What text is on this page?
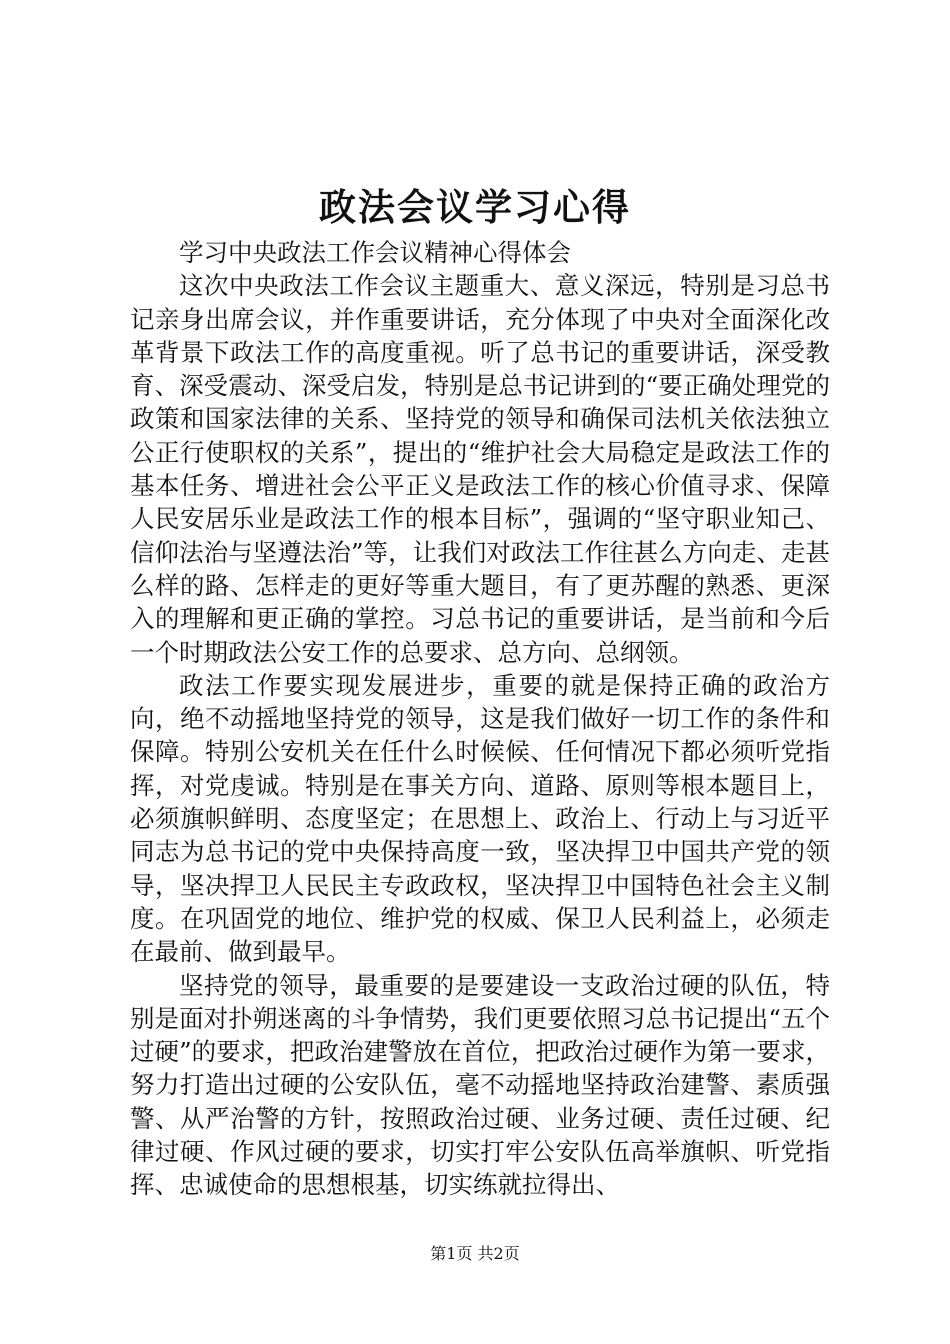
政法会议学习心得

学习中央政法工作会议精神心得体会

这次中央政法工作会议主题重大、意义深远，特别是习总书记亲身出席会议，并作重要讲话，充分体现了中央对全面深化改革背景下政法工作的高度重视。听了总书记的重要讲话，深受教育、深受震动、深受启发，特别是总书记讲到的“要正确处理党的政策和国家法律的关系、坚持党的领导和确保司法机关依法独立公正行使职权的关系”，提出的“维护社会大局稳定是政法工作的基本任务、增进社会公平正义是政法工作的核心价值寻求、保障人民安居乐业是政法工作的根本目标”，强调的“坚守职业知己、信仰法治与坚遵法治”等，让我们对政法工作往甚么方向走、走甚么样的路、怎样走的更好等重大题目，有了更苏醒的熟悉、更深入的理解和更正确的掌控。习总书记的重要讲话，是当前和今后一个时期政法公安工作的总要求、总方向、总纲领。

政法工作要实现发展进步，重要的就是保持正确的政治方向，绝不动摇地坚持党的领导，这是我们做好一切工作的条件和保障。特别公安机关在任什么时候候、任何情况下都必须听党指挥，对党虔诚。特别是在事关方向、道路、原则等根本题目上，必须旗帜鲜明、态度坚定；在思想上、政治上、行动上与习近平同志为总书记的党中央保持高度一致，坚决捍卫中国共产党的领导，坚决捍卫人民民主专政政权，坚决捍卫中国特色社会主义制度。在巩固党的地位、维护党的权威、保卫人民利益上，必须走在最前、做到最早。

坚持党的领导，最重要的是要建设一支政治过硬的队伍，特别是面对扑朔迷离的斗争情势，我们更要依照习总书记提出“五个过硬”的要求，把政治建警放在首位，把政治过硬作为第一要求，努力打造出过硬的公安队伍，毫不动摇地坚持政治建警、素质强警、从严治警的方针，按照政治过硬、业务过硬、责任过硬、纪律过硬、作风过硬的要求，切实打牢公安队伍高举旗帜、听党指挥、忠诚使命的思想根基，切实练就拉得出、

第1页 共2页
